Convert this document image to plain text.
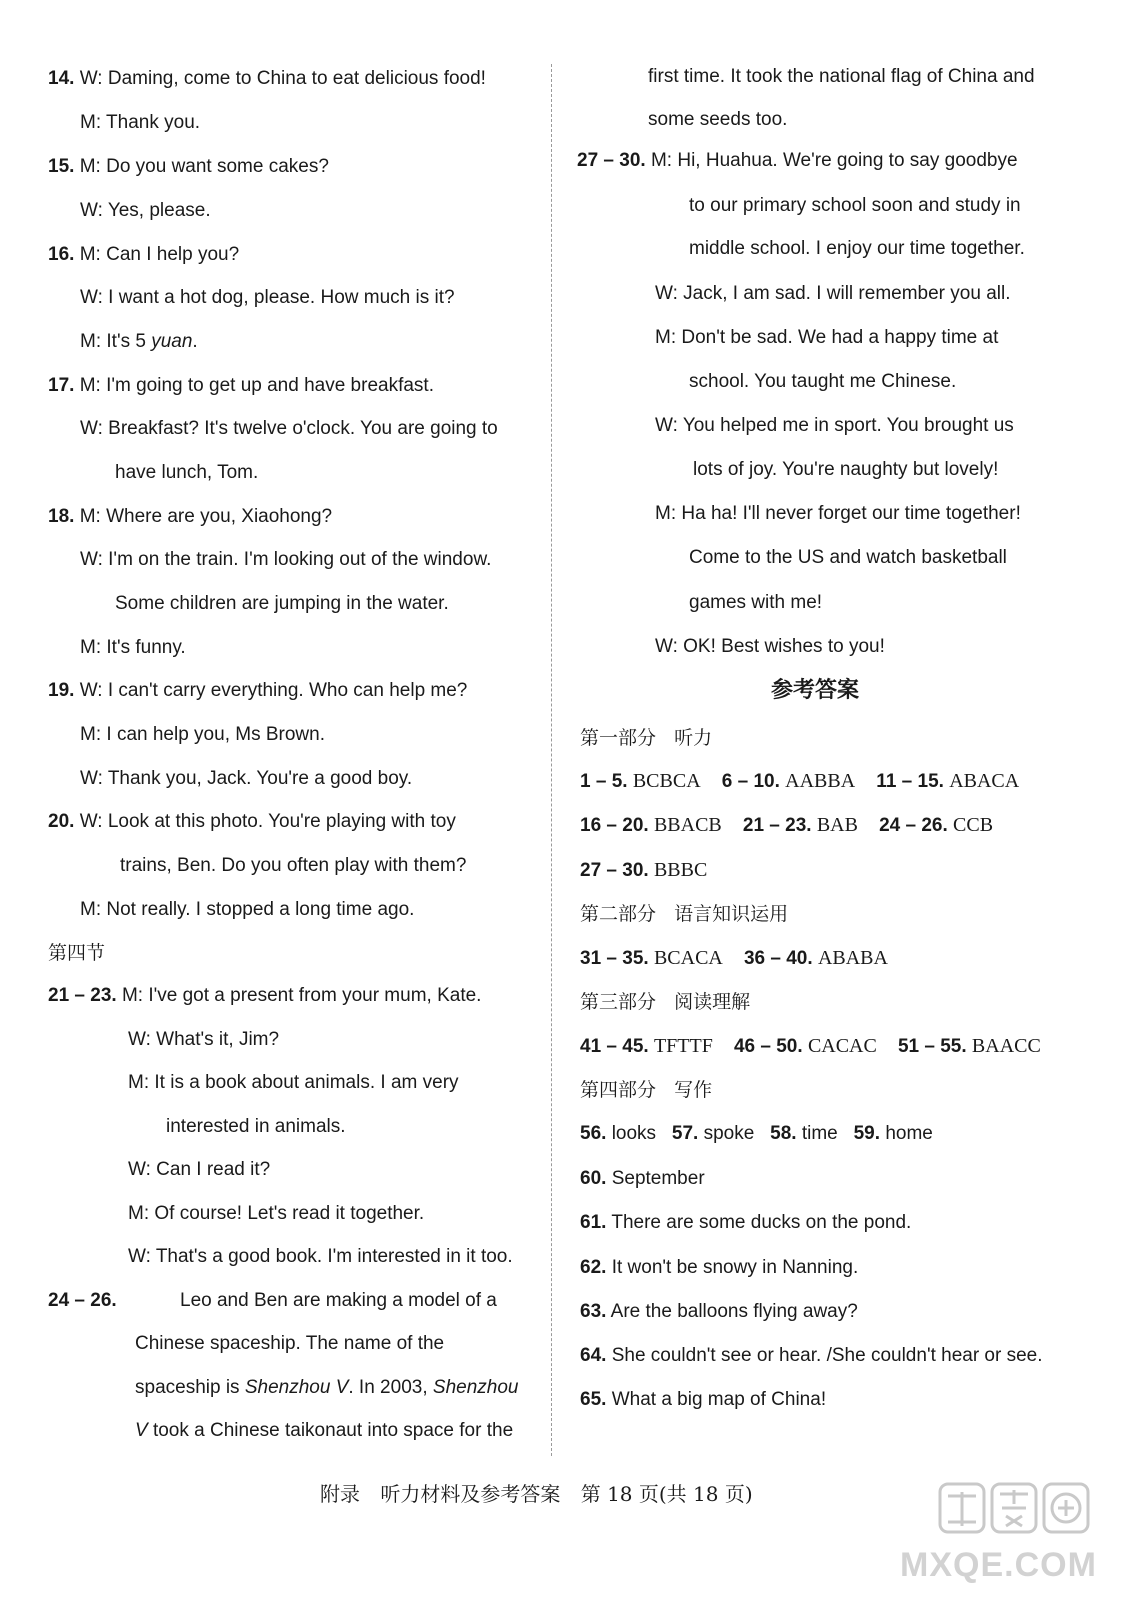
14. W: Daming, come to China to eat delicious food!
M: Thank you.
15. M: Do you want some cakes?
W: Yes, please.
16. M: Can I help you?
W: I want a hot dog, please. How much is it?
M: It's 5 yuan.
17. M: I'm going to get up and have breakfast.
W: Breakfast? It's twelve o'clock. You are going to
have lunch, Tom.
18. M: Where are you, Xiaohong?
W: I'm on the train. I'm looking out of the window.
Some children are jumping in the water.
M: It's funny.
19. W: I can't carry everything. Who can help me?
M: I can help you, Ms Brown.
W: Thank you, Jack. You're a good boy.
20. W: Look at this photo. You're playing with toy
trains, Ben. Do you often play with them?
M: Not really. I stopped a long time ago.
第四节
21 – 23. M: I've got a present from your mum, Kate.
W: What's it, Jim?
M: It is a book about animals. I am very
interested in animals.
W: Can I read it?
M: Of course! Let's read it together.
W: That's a good book. I'm interested in it too.
24 – 26.	Leo and Ben are making a model of a
Chinese spaceship. The name of the
spaceship is Shenzhou V. In 2003, Shenzhou
V took a Chinese taikonaut into space for the
first time. It took the national flag of China and
some seeds too.
27 – 30. M: Hi, Huahua. We're going to say goodbye
to our primary school soon and study in
middle school. I enjoy our time together.
W: Jack, I am sad. I will remember you all.
M: Don't be sad. We had a happy time at
school. You taught me Chinese.
W: You helped me in sport. You brought us
lots of joy. You're naughty but lovely!
M: Ha ha! I'll never forget our time together!
Come to the US and watch basketball
games with me!
W: OK! Best wishes to you!
参考答案
第一部分 听力
1 – 5. BCBCA 6 – 10. AABBA 11 – 15. ABACA
16 – 20. BBACB 21 – 23. BAB 24 – 26. CCB
27 – 30. BBBC
第二部分 语言知识运用
31 – 35. BCACA 36 – 40. ABABA
第三部分 阅读理解
41 – 45. TFTTF 46 – 50. CACAC 51 – 55. BAACC
第四部分 写作
56. looks 57. spoke 58. time 59. home
60. September
61. There are some ducks on the pond.
62. It won't be snowy in Nanning.
63. Are the balloons flying away?
64. She couldn't see or hear. /She couldn't hear or see.
65. What a big map of China!
附录 听力材料及参考答案 第 18 页(共 18 页)
MXQE.COM
